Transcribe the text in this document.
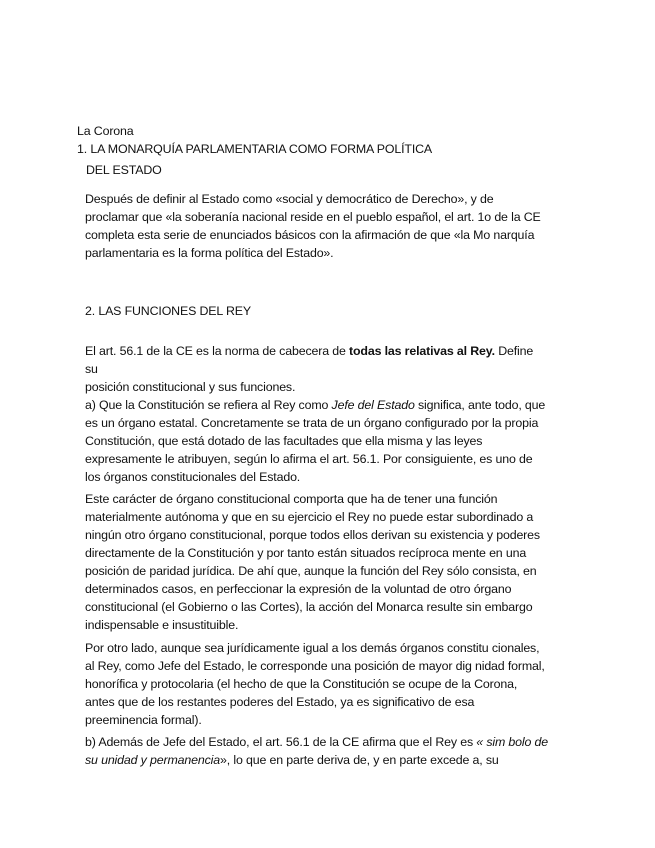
La Corona
1. LA MONARQUÍA PARLAMENTARIA COMO FORMA POLÍTICA
DEL ESTADO
Después de definir al Estado como «social y democrático de Derecho», y de
proclamar que «la soberanía nacional reside en el pueblo español, el art. 1o de la CE
completa esta serie de enunciados básicos con la afirmación de que «la Mo narquía
parlamentaria es la forma política del Estado».
2. LAS FUNCIONES DEL REY
El art. 56.1 de la CE es la norma de cabecera de todas las relativas al Rey. Define
su
posición constitucional y sus funciones.
a) Que la Constitución se refiera al Rey como Jefe del Estado significa, ante todo, que
es un órgano estatal. Concretamente se trata de un órgano configurado por la propia
Constitución, que está dotado de las facultades que ella misma y las leyes
expresamente le atribuyen, según lo afirma el art. 56.1. Por consiguiente, es uno de
los órganos constitucionales del Estado.
Este carácter de órgano constitucional comporta que ha de tener una función
materialmente autónoma y que en su ejercicio el Rey no puede estar subordinado a
ningún otro órgano constitucional, porque todos ellos derivan su existencia y poderes
directamente de la Constitución y por tanto están situados recíproca mente en una
posición de paridad jurídica. De ahí que, aunque la función del Rey sólo consista, en
determinados casos, en perfeccionar la expresión de la voluntad de otro órgano
constitucional (el Gobierno o las Cortes), la acción del Monarca resulte sin embargo
indispensable e insustituible.
Por otro lado, aunque sea jurídicamente igual a los demás órganos constitu cionales,
al Rey, como Jefe del Estado, le corresponde una posición de mayor dig nidad formal,
honorífica y protocolaria (el hecho de que la Constitución se ocupe de la Corona,
antes que de los restantes poderes del Estado, ya es significativo de esa
preeminencia formal).
b) Además de Jefe del Estado, el art. 56.1 de la CE afirma que el Rey es « sim bolo de
su unidad y permanencia», lo que en parte deriva de, y en parte excede a, su
